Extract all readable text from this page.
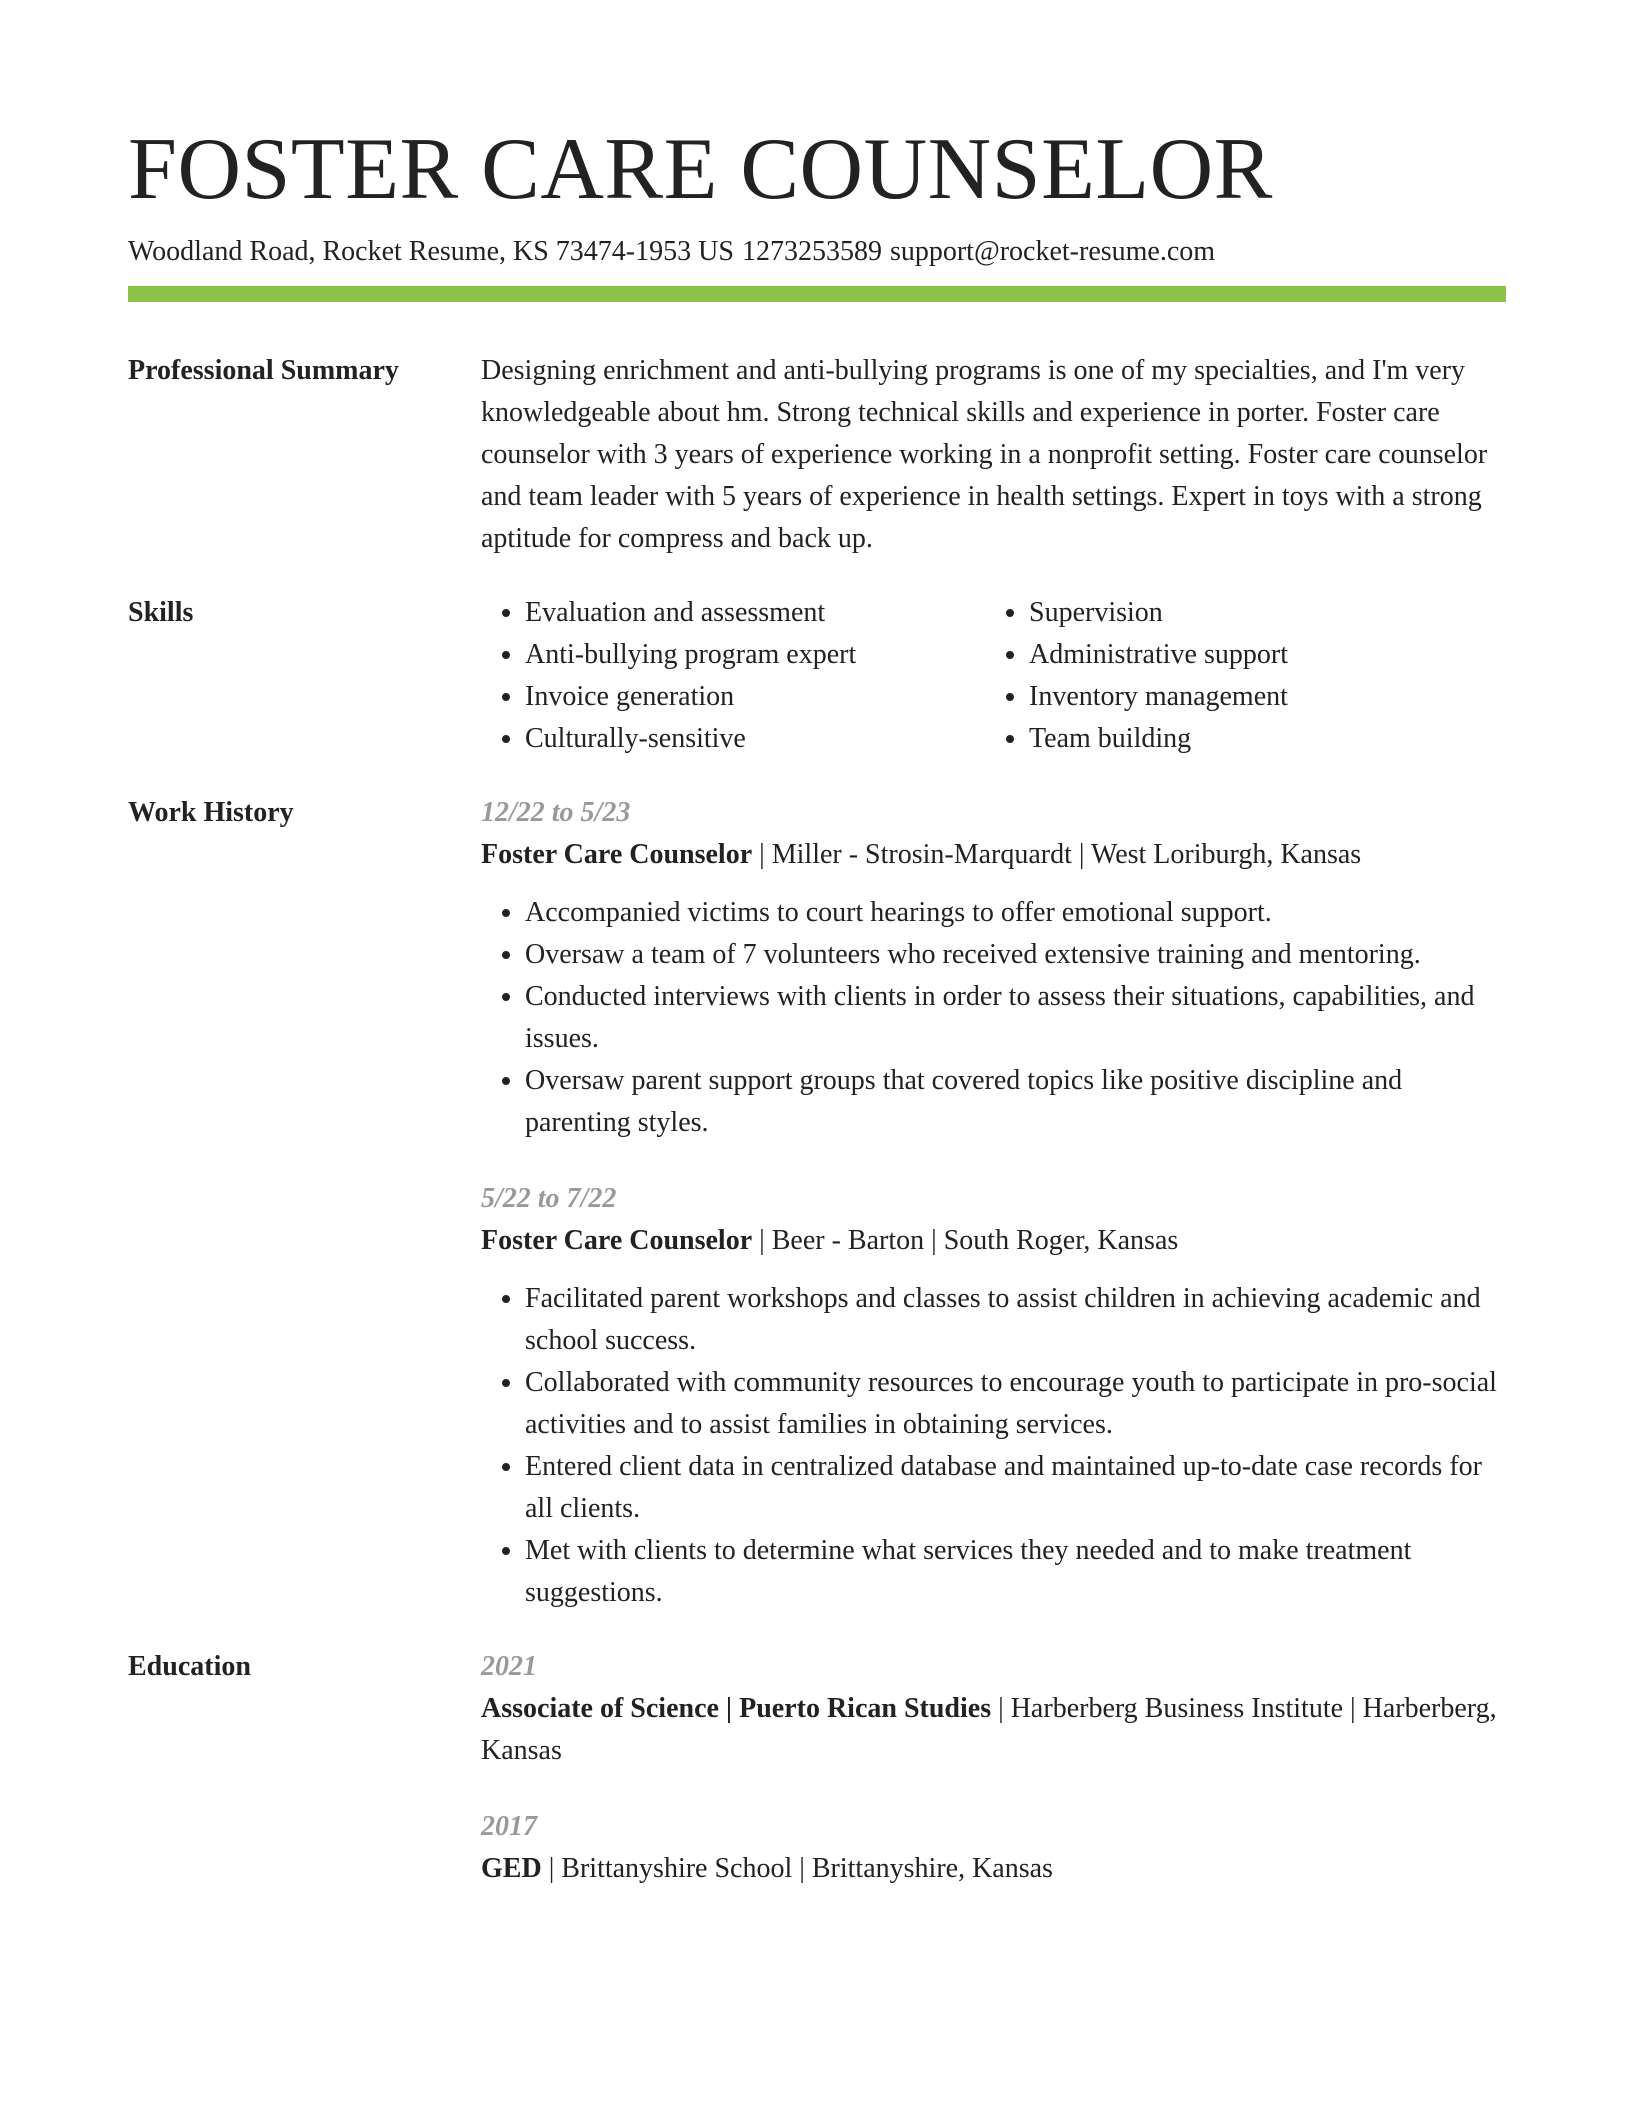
FOSTER CARE COUNSELOR
Woodland Road, Rocket Resume, KS 73474-1953 US 1273253589 support@rocket-resume.com
Professional Summary	Designing enrichment and anti-bullying programs is one of my specialties, and I'm very knowledgeable about hm. Strong technical skills and experience in porter. Foster care counselor with 3 years of experience working in a nonprofit setting. Foster care counselor and team leader with 5 years of experience in health settings. Expert in toys with a strong aptitude for compress and back up.

Skills
•	Evaluation and assessment
• Anti-bullying program expert
• Invoice generation
• Culturally-sensitive
• Supervision
• Administrative support
• Inventory management
• Team building
Work History	12/22 to 5/23
Foster Care Counselor | Miller - Strosin-Marquardt | West Loriburgh, Kansas
• Accompanied victims to court hearings to offer emotional support.
• Oversaw a team of 7 volunteers who received extensive training and mentoring.
• Conducted interviews with clients in order to assess their situations, capabilities, and issues.
• Oversaw parent support groups that covered topics like positive discipline and parenting styles.
5/22 to 7/22
Foster Care Counselor | Beer - Barton | South Roger, Kansas
• Facilitated parent workshops and classes to assist children in achieving academic and school success.
• Collaborated with community resources to encourage youth to participate in pro-social activities and to assist families in obtaining services.
• Entered client data in centralized database and maintained up-to-date case records for all clients.
• Met with clients to determine what services they needed and to make treatment suggestions.
Education	2021
Associate of Science | Puerto Rican Studies | Harberberg Business Institute | Harberberg, Kansas
2017
GED | Brittanyshire School | Brittanyshire, Kansas
